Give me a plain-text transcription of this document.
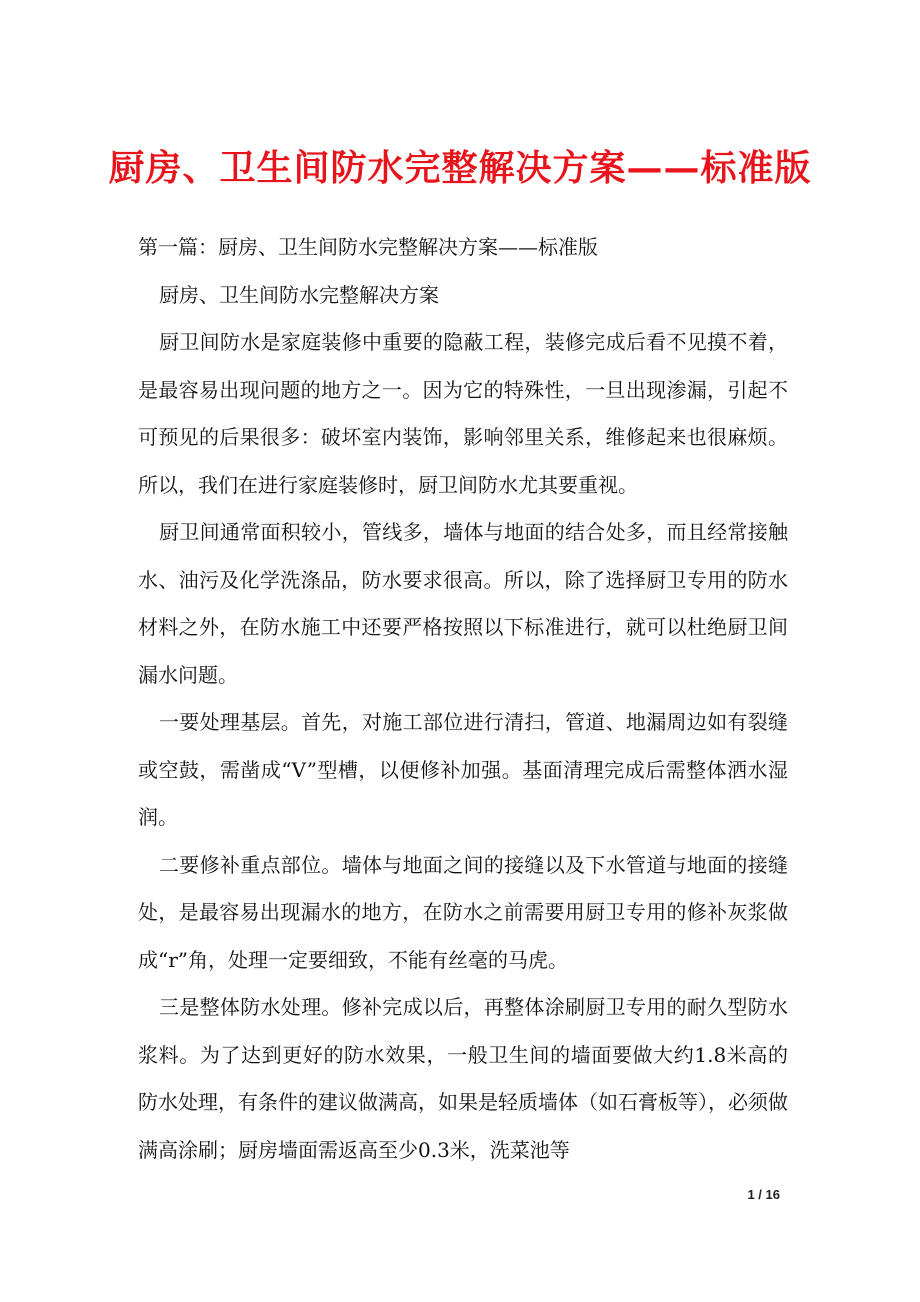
厨房、卫生间防水完整解决方案——标准版

第一篇：厨房、卫生间防水完整解决方案——标准版

厨房、卫生间防水完整解决方案

厨卫间防水是家庭装修中重要的隐蔽工程，装修完成后看不见摸不着，是最容易出现问题的地方之一。因为它的特殊性，一旦出现渗漏，引起不可预见的后果很多：破坏室内装饰，影响邻里关系，维修起来也很麻烦。所以，我们在进行家庭装修时，厨卫间防水尤其要重视。

厨卫间通常面积较小，管线多，墙体与地面的结合处多，而且经常接触水、油污及化学洗涤品，防水要求很高。所以，除了选择厨卫专用的防水材料之外，在防水施工中还要严格按照以下标准进行，就可以杜绝厨卫间漏水问题。

一要处理基层。首先，对施工部位进行清扫，管道、地漏周边如有裂缝或空鼓，需凿成“V”型槽，以便修补加强。基面清理完成后需整体洒水湿润。

二要修补重点部位。墙体与地面之间的接缝以及下水管道与地面的接缝处，是最容易出现漏水的地方，在防水之前需要用厨卫专用的修补灰浆做成“r”角，处理一定要细致，不能有丝毫的马虎。

三是整体防水处理。修补完成以后，再整体涂刷厨卫专用的耐久型防水浆料。为了达到更好的防水效果，一般卫生间的墙面要做大约1.8米高的防水处理，有条件的建议做满高，如果是轻质墙体（如石膏板等），必须做满高涂刷；厨房墙面需返高至少0.3米，洗菜池等

1 / 16
